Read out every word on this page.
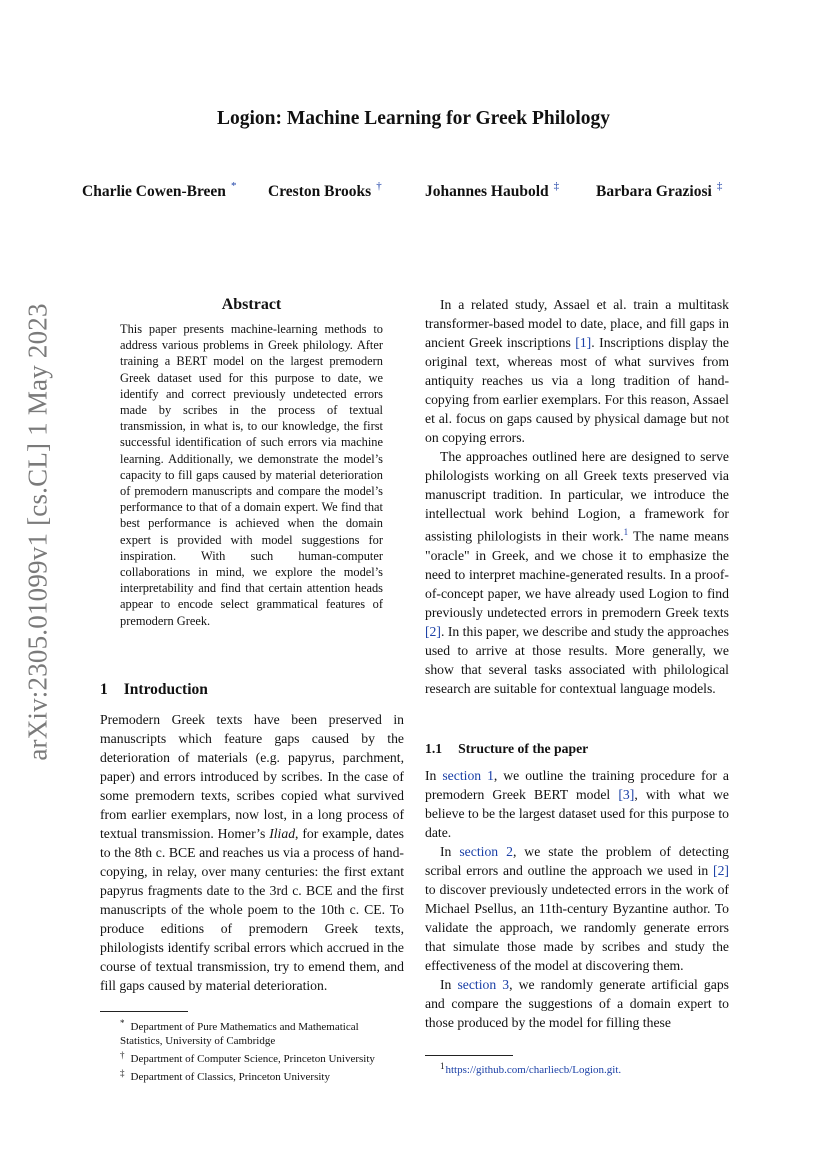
arXiv:2305.01099v1 [cs.CL] 1 May 2023
Logion: Machine Learning for Greek Philology
Charlie Cowen-Breen * Creston Brooks †	Johannes Haubold ‡ Barbara Graziosi ‡
Abstract
This paper presents machine-learning methods to address various problems in Greek philology. After training a BERT model on the largest premodern Greek dataset used for this purpose to date, we identify and correct previously undetected errors made by scribes in the process of textual transmission, in what is, to our knowledge, the first successful identification of such errors via machine learning. Additionally, we demonstrate the model’s capacity to fill gaps caused by material deterioration of premodern manuscripts and compare the model’s performance to that of a domain expert. We find that best performance is achieved when the domain expert is provided with model suggestions for inspiration. With such human-computer collaborations in mind, we explore the model’s interpretability and find that certain attention heads appear to encode select grammatical features of premodern Greek.
1 Introduction

Premodern Greek texts have been preserved in manuscripts which feature gaps caused by the deterioration of materials (e.g. papyrus, parchment, paper) and errors introduced by scribes. In the case of some premodern texts, scribes copied what survived from earlier exemplars, now lost, in a long process of textual transmission. Homer’s Iliad, for example, dates to the 8th c. BCE and reaches us via a process of hand-copying, in relay, over many centuries: the first extant papyrus fragments date to the 3rd c. BCE and the first manuscripts of the whole poem to the 10th c. CE. To produce editions of premodern Greek texts, philologists identify scribal errors which accrued in the course of textual transmission, try to emend them, and fill gaps caused by material deterioration.

* Department of Pure Mathematics and Mathematical Statistics, University of Cambridge
† Department of Computer Science, Princeton University
‡ Department of Classics, Princeton University

In a related study, Assael et al. train a multitask transformer-based model to date, place, and fill gaps in ancient Greek inscriptions [1]. Inscriptions display the original text, whereas most of what survives from antiquity reaches us via a long tradition of hand-copying from earlier exemplars. For this reason, Assael et al. focus on gaps caused by physical damage but not on copying errors.

The approaches outlined here are designed to serve philologists working on all Greek texts preserved via manuscript tradition. In particular, we introduce the intellectual work behind Logion, a framework for assisting philologists in their work.$^1$ The name means "oracle" in Greek, and we chose it to emphasize the need to interpret machine-generated results. In a proof-of-concept paper, we have already used Logion to find previously undetected errors in premodern Greek texts [2]. In this paper, we describe and study the approaches used to arrive at those results. More generally, we show that several tasks associated with philological research are suitable for contextual language models.

1.1 Structure of the paper

In section 1, we outline the training procedure for a premodern Greek BERT model [3], with what we believe to be the largest dataset used for this purpose to date.

In section 2, we state the problem of detecting scribal errors and outline the approach we used in [2] to discover previously undetected errors in the work of Michael Psellus, an 11th-century Byzantine author. To validate the approach, we randomly generate errors that simulate those made by scribes and study the effectiveness of the model at discovering them.

In section 3, we randomly generate artificial gaps and compare the suggestions of a domain expert to those produced by the model for filling these

$^1$https://github.com/charliecb/Logion.git.
